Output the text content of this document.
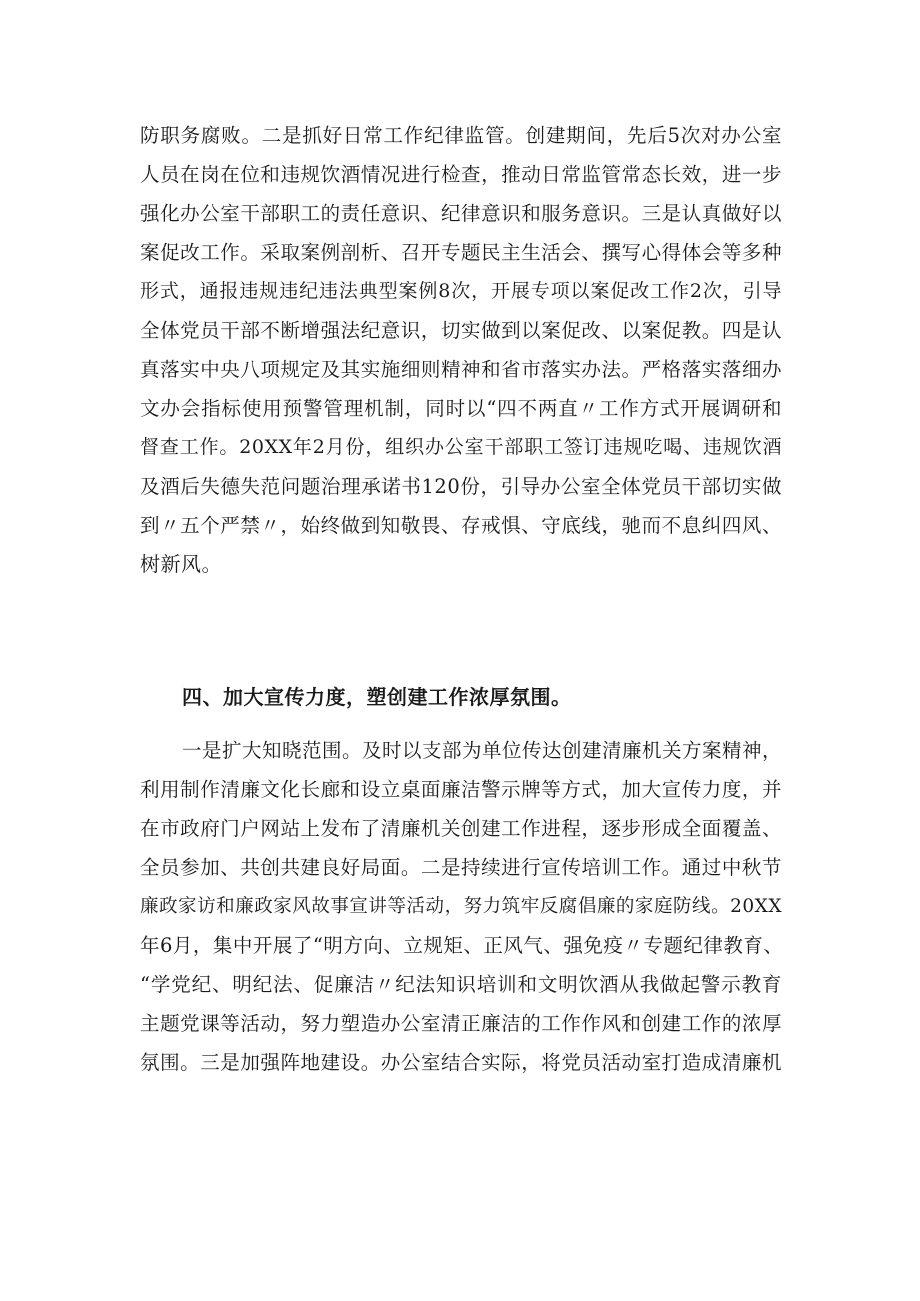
防职务腐败。二是抓好日常工作纪律监管。创建期间，先后5次对办公室
人员在岗在位和违规饮酒情况进行检查，推动日常监管常态长效，进一步
强化办公室干部职工的责任意识、纪律意识和服务意识。三是认真做好以
案促改工作。采取案例剖析、召开专题民主生活会、撰写心得体会等多种
形式，通报违规违纪违法典型案例8次，开展专项以案促改工作2次，引导
全体党员干部不断增强法纪意识，切实做到以案促改、以案促教。四是认
真落实中央八项规定及其实施细则精神和省市落实办法。严格落实落细办
文办会指标使用预警管理机制，同时以“四不两直〃工作方式开展调研和
督查工作。20XX年2月份，组织办公室干部职工签订违规吃喝、违规饮酒
及酒后失德失范问题治理承诺书120份，引导办公室全体党员干部切实做
到〃五个严禁〃，始终做到知敬畏、存戒惧、守底线，驰而不息纠四风、
树新风。
四、加大宣传力度，塑创建工作浓厚氛围。
一是扩大知晓范围。及时以支部为单位传达创建清廉机关方案精神，
利用制作清廉文化长廊和设立桌面廉洁警示牌等方式，加大宣传力度，并
在市政府门户网站上发布了清廉机关创建工作进程，逐步形成全面覆盖、
全员参加、共创共建良好局面。二是持续进行宣传培训工作。通过中秋节
廉政家访和廉政家风故事宣讲等活动，努力筑牢反腐倡廉的家庭防线。20XX
年6月，集中开展了“明方向、立规矩、正风气、强免疫〃专题纪律教育、
“学党纪、明纪法、促廉洁〃纪法知识培训和文明饮酒从我做起警示教育
主题党课等活动，努力塑造办公室清正廉洁的工作作风和创建工作的浓厚
氛围。三是加强阵地建设。办公室结合实际，将党员活动室打造成清廉机
